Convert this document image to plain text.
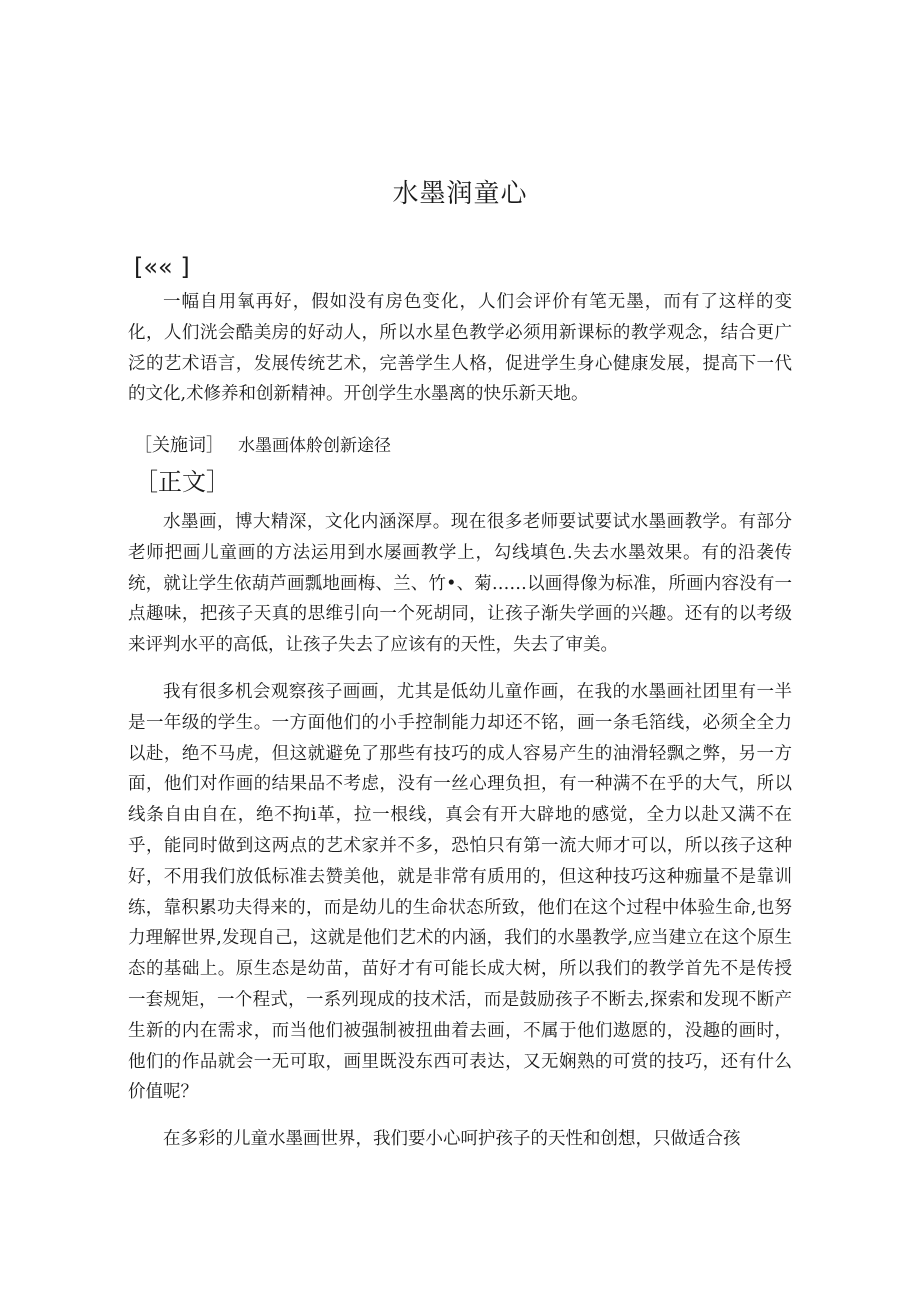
水墨润童心
[«« ]

一幅自用氧再好，假如没有房色变化，人们会评价有笔无墨，而有了这样的变化，人们洸会酷美房的好动人，所以水星色教学必须用新课标的教学观念，结合更广泛的艺术语言，发展传统艺术，完善学生人格，促进学生身心健康发展，提高下一代的文化,术修养和创新精神。开创学生水墨离的快乐新天地。

［关施词］ 水墨画体舲创新途径
［正文］

水墨画，博大精深，文化内涵深厚。现在很多老师要试要试水墨画教学。有部分老师把画儿童画的方法运用到水屡画教学上，勾线填色.失去水墨效果。有的沿袭传统，就让学生依葫芦画瓢地画梅、兰、竹•、菊……以画得像为标准，所画内容没有一点趣味，把孩子天真的思维引向一个死胡同，让孩子渐失学画的兴趣。还有的以考级来评判水平的高低，让孩子失去了应该有的天性，失去了审美。

我有很多机会观察孩子画画，尤其是低幼儿童作画，在我的水墨画社团里有一半是一年级的学生。一方面他们的小手控制能力却还不铭，画一条毛箔线，必须全全力以赴，绝不马虎，但这就避免了那些有技巧的成人容易产生的油滑轻飘之弊，另一方面，他们对作画的结果品不考虑，没有一丝心理负担，有一种满不在乎的大气，所以线条自由自在，绝不拘i革，拉一根线，真会有开大辟地的感觉，全力以赴又满不在乎，能同时做到这两点的艺术家并不多，恐怕只有第一流大师才可以，所以孩子这种好，不用我们放低标准去赞美他，就是非常有质用的，但这种技巧这种痂量不是靠训练，靠积累功夫得来的，而是幼儿的生命状态所致，他们在这个过程中体验生命,也努力理解世界,发现自己，这就是他们艺术的内涵，我们的水墨教学,应当建立在这个原生态的基础上。原生态是幼苗，苗好才有可能长成大树，所以我们的教学首先不是传授一套规矩，一个程式，一系列现成的技术活，而是鼓励孩子不断去,探索和发现不断产生新的内在需求，而当他们被强制被扭曲着去画，不属于他们遨愿的，没趣的画时，他们的作品就会一无可取，画里既没东西可表达，又无娴熟的可赏的技巧，还有什么价值呢？

在多彩的儿童水墨画世界，我们要小心呵护孩子的天性和创想，只做适合孩
